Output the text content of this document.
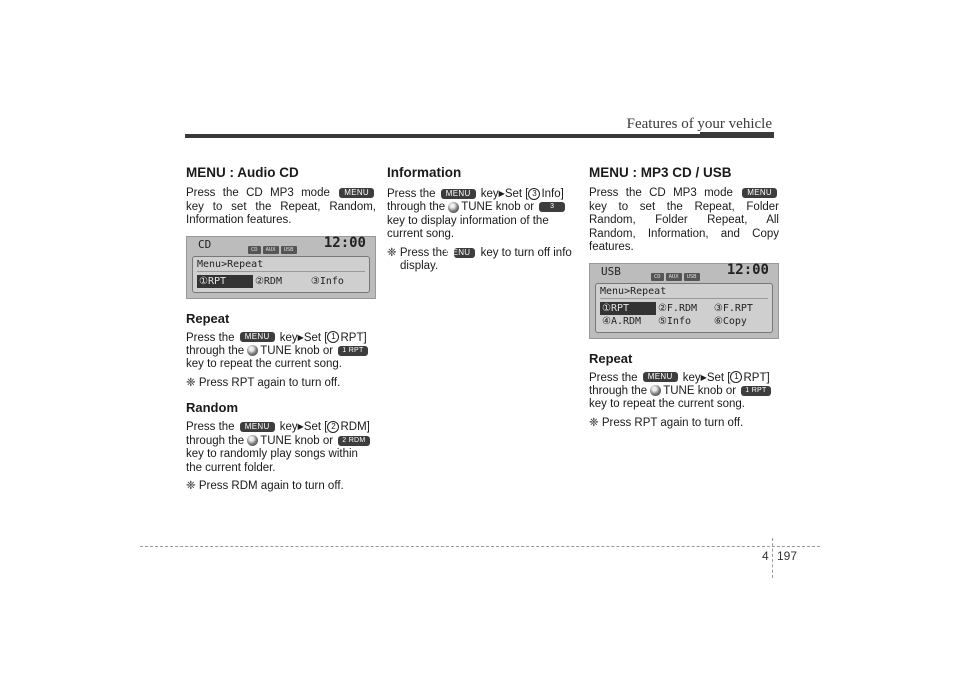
Features of your vehicle
MENU : Audio CD

Press the CD MP3 mode MENU key to set the Repeat, Random, Information features.

CD	CD AUX USB	12:00
Menu>Repeat
①RPT	②RDM	③Info
Repeat

Press the MENU key▶Set [ 1 RPT]
through the TUNE knob or 1 RPT
key to repeat the current song.

❈ Press RPT again to turn off.

Random

Press the MENU key▶Set [ 2 RDM]
through the TUNE knob or 2 RDM
key to randomly play songs within the current folder.

❈ Press RDM again to turn off.

Information

Press the MENU key▶Set [ 3 Info]
through the TUNE knob or 3
key to display information of the current song.

❈ Press the MENU key to turn off info display.

MENU : MP3 CD / USB

Press the CD MP3 mode MENU key to set the Repeat, Folder Random, Folder Repeat, All Random, Information, and Copy features.

USB	CD AUX USB	12:00
Menu>Repeat
①RPT	②F.RDM	③F.RPT
④A.RDM	⑤Info	⑥Copy
Repeat

Press the MENU key▶Set [ 1 RPT]
through the TUNE knob or 1 RPT
key to repeat the current song.

❈ Press RPT again to turn off.

4 197
